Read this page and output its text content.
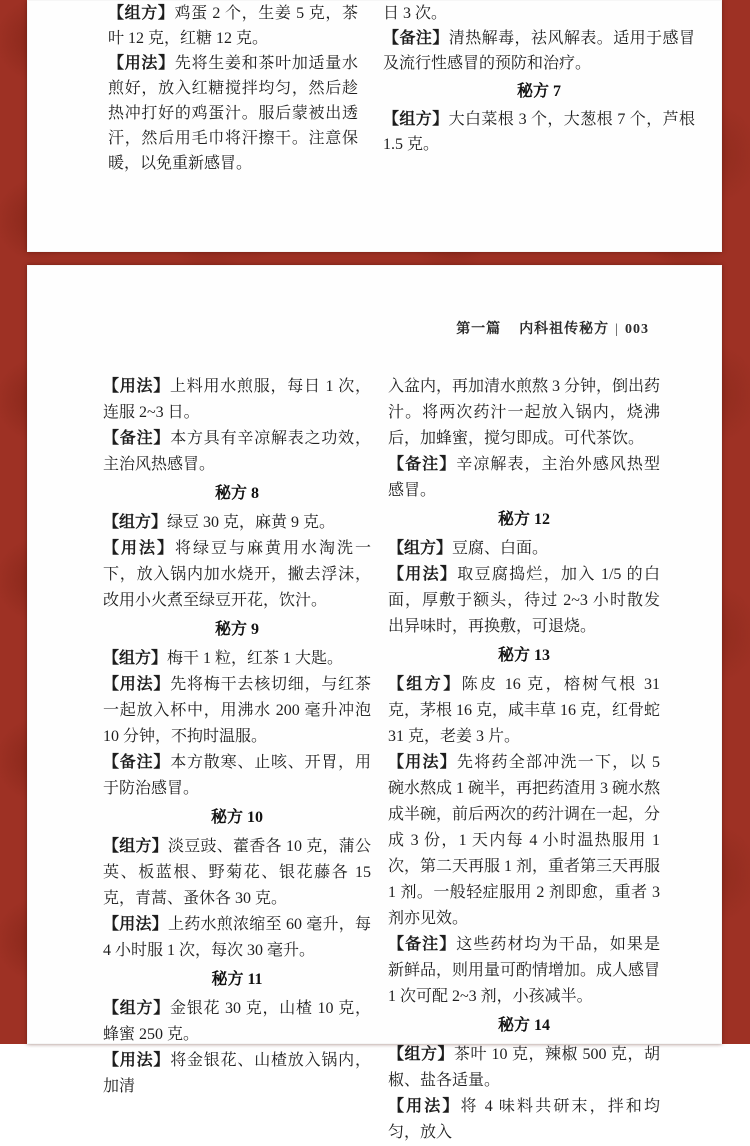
【组方】鸡蛋 2 个，生姜 5 克，茶叶 12 克，红糖 12 克。

【用法】先将生姜和茶叶加适量水煎好，放入红糖搅拌均匀，然后趁热冲打好的鸡蛋汁。服后蒙被出透汗，然后用毛巾将汗擦干。注意保暖，以免重新感冒。

日 3 次。

【备注】清热解毒，祛风解表。适用于感冒及流行性感冒的预防和治疗。

秘方 7

【组方】大白菜根 3 个，大葱根 7 个，芦根 1.5 克。

第一篇 内科祖传秘方 | 003

【用法】上料用水煎服，每日 1 次，连服 2~3 日。

【备注】本方具有辛凉解表之功效，主治风热感冒。

秘方 8

【组方】绿豆 30 克，麻黄 9 克。

【用法】将绿豆与麻黄用水淘洗一下，放入锅内加水烧开，撇去浮沫，改用小火煮至绿豆开花，饮汁。

秘方 9

【组方】梅干 1 粒，红茶 1 大匙。

【用法】先将梅干去核切细，与红茶一起放入杯中，用沸水 200 毫升冲泡 10 分钟，不拘时温服。

【备注】本方散寒、止咳、开胃，用于防治感冒。

秘方 10

【组方】淡豆豉、藿香各 10 克，蒲公英、板蓝根、野菊花、银花藤各 15 克，青蒿、蚤休各 30 克。

【用法】上药水煎浓缩至 60 毫升，每 4 小时服 1 次，每次 30 毫升。

秘方 11

【组方】金银花 30 克，山楂 10 克，蜂蜜 250 克。

【用法】将金银花、山楂放入锅内，加清

入盆内，再加清水煎熬 3 分钟，倒出药汁。将两次药汁一起放入锅内，烧沸后，加蜂蜜，搅匀即成。可代茶饮。

【备注】辛凉解表，主治外感风热型感冒。

秘方 12

【组方】豆腐、白面。

【用法】取豆腐捣烂，加入 1/5 的白面，厚敷于额头，待过 2~3 小时散发出异味时，再换敷，可退烧。

秘方 13

【组方】陈皮 16 克，榕树气根 31 克，茅根 16 克，咸丰草 16 克，红骨蛇 31 克，老姜 3 片。

【用法】先将药全部冲洗一下，以 5 碗水熬成 1 碗半，再把药渣用 3 碗水熬成半碗，前后两次的药汁调在一起，分成 3 份，1 天内每 4 小时温热服用 1 次，第二天再服 1 剂，重者第三天再服 1 剂。一般轻症服用 2 剂即愈，重者 3 剂亦见效。

【备注】这些药材均为干品，如果是新鲜品，则用量可酌情增加。成人感冒 1 次可配 2~3 剂，小孩减半。

秘方 14

【组方】茶叶 10 克，辣椒 500 克，胡椒、盐各适量。

【用法】将 4 味料共研末，拌和均匀，放入
